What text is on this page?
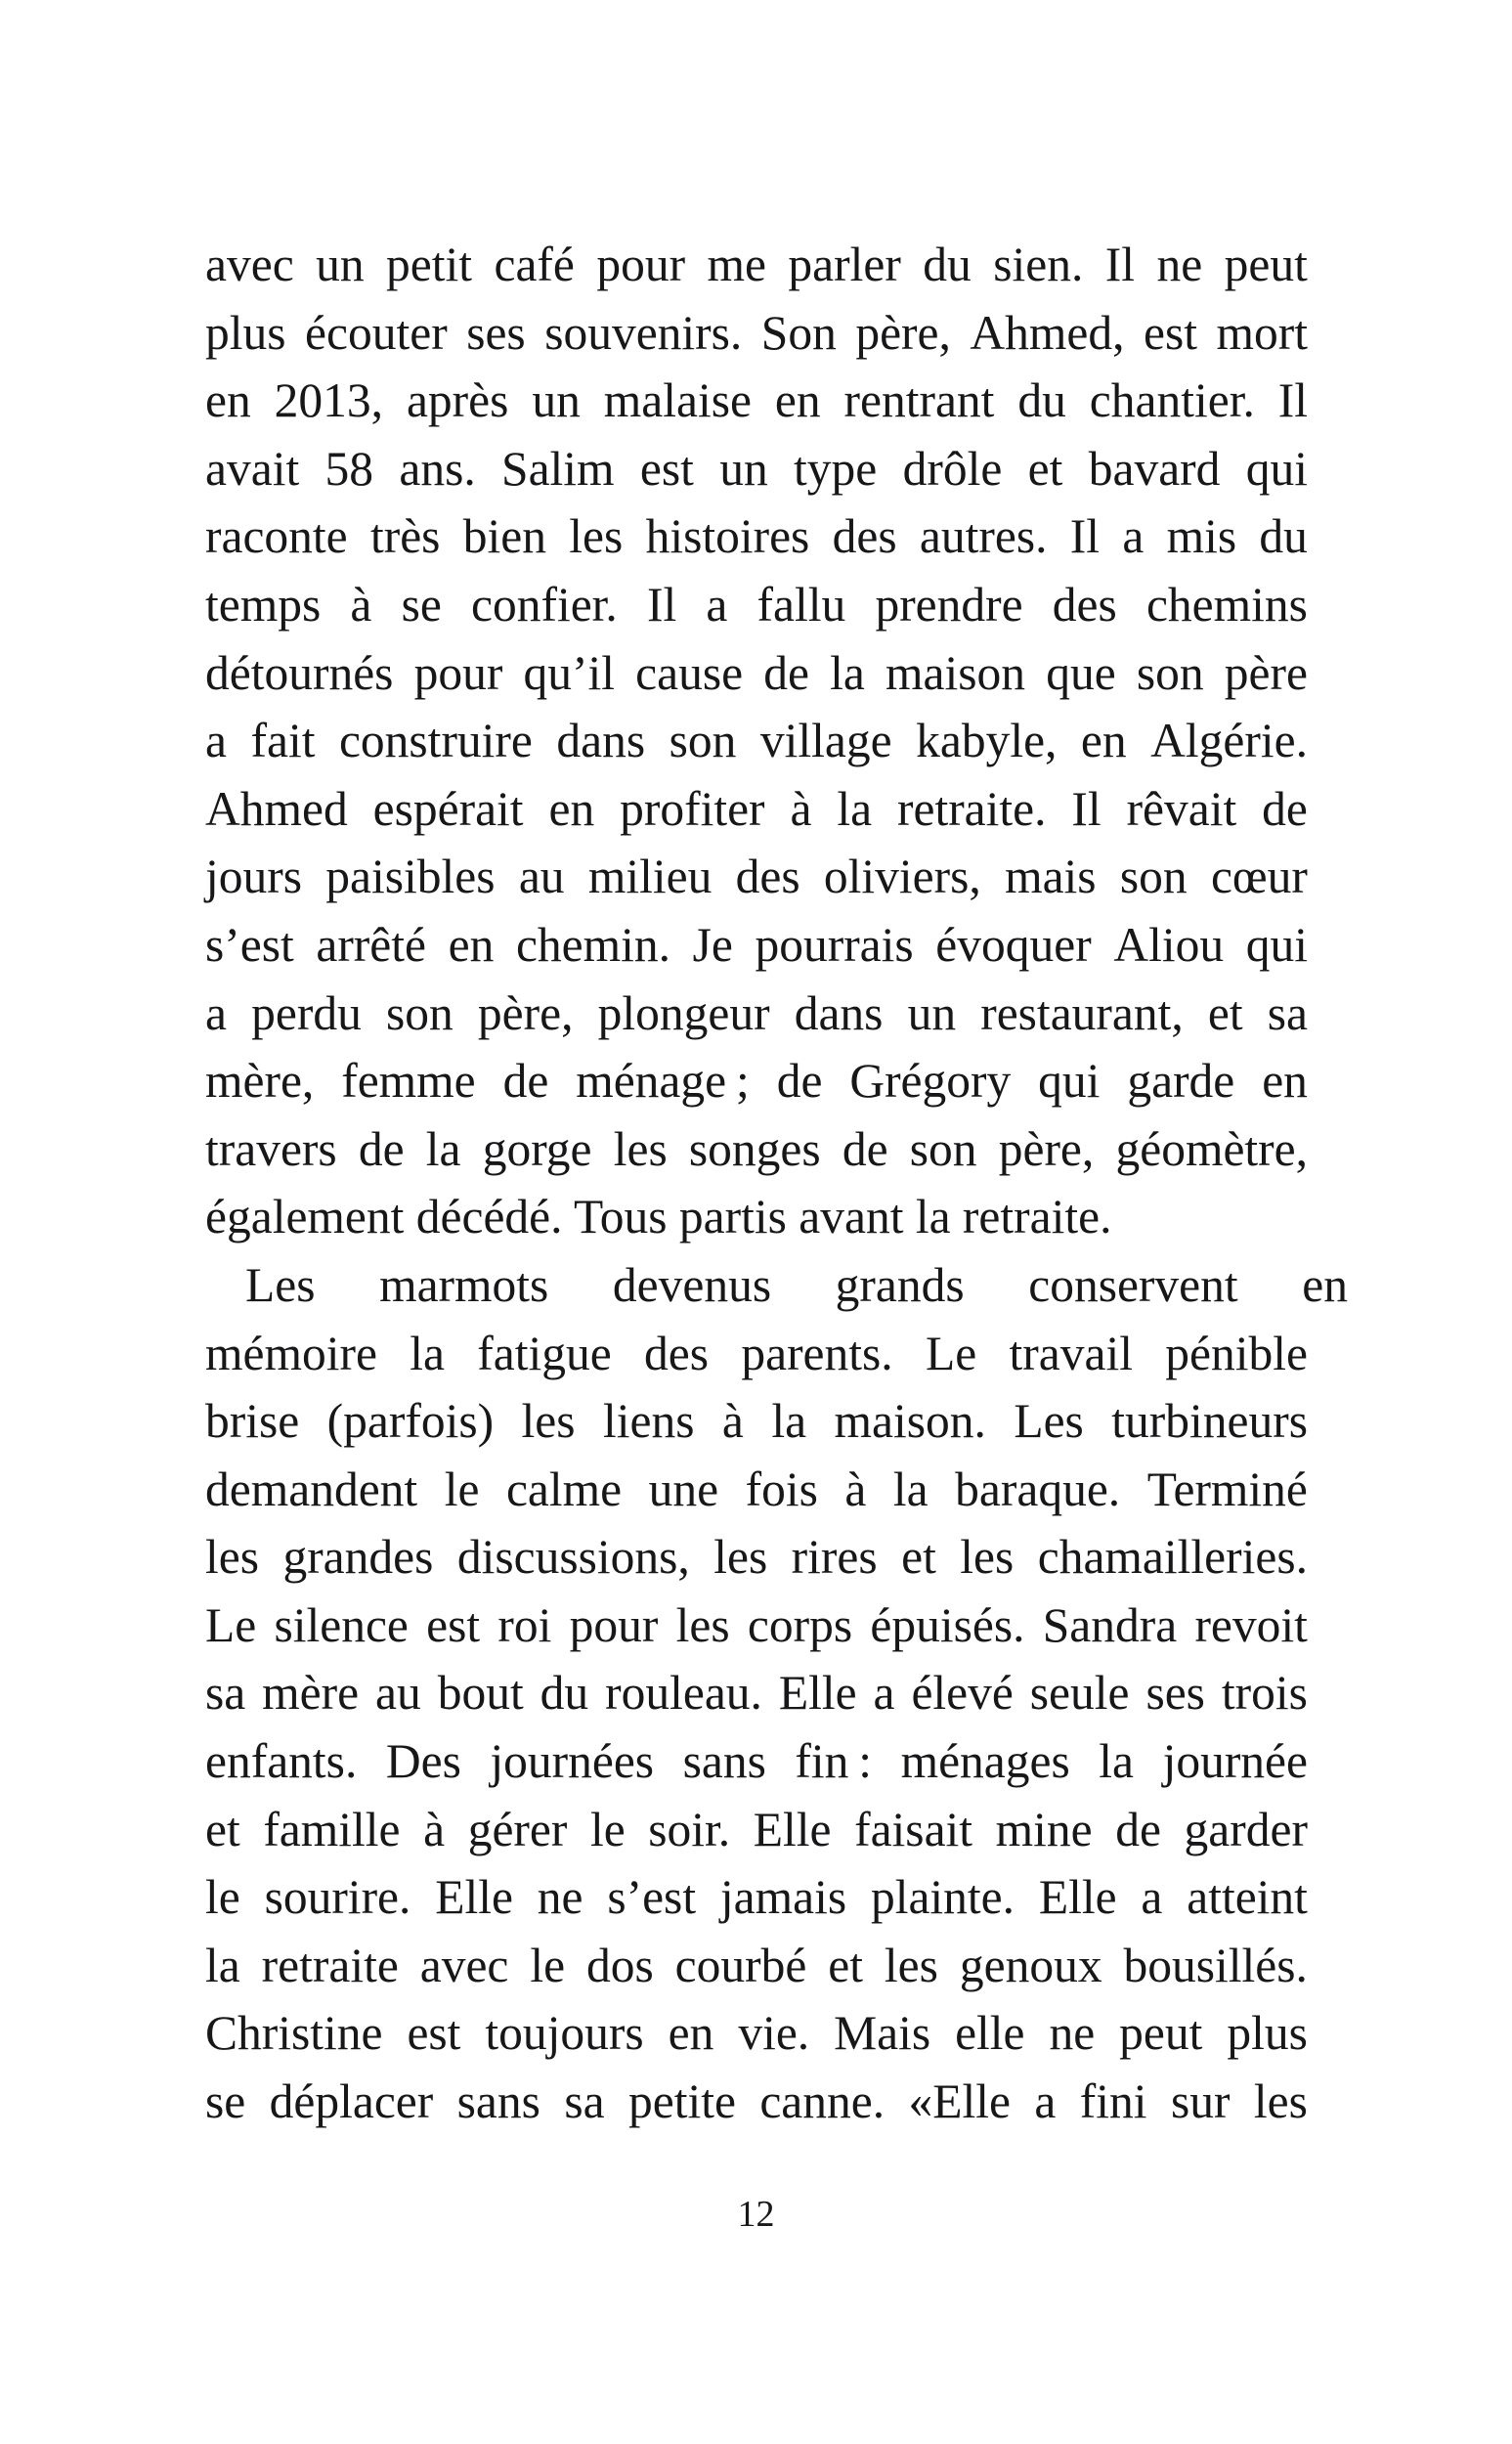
avec un petit café pour me parler du sien. Il ne peut
plus écouter ses souvenirs. Son père, Ahmed, est mort
en 2013, après un malaise en rentrant du chantier. Il
avait 58 ans. Salim est un type drôle et bavard qui
raconte très bien les histoires des autres. Il a mis du
temps à se confier. Il a fallu prendre des chemins
détournés pour qu’il cause de la maison que son père
a fait construire dans son village kabyle, en Algérie.
Ahmed espérait en profiter à la retraite. Il rêvait de
jours paisibles au milieu des oliviers, mais son cœur
s’est arrêté en chemin. Je pourrais évoquer Aliou qui
a perdu son père, plongeur dans un restaurant, et sa
mère, femme de ménage ; de Grégory qui garde en
travers de la gorge les songes de son père, géomètre,
également décédé. Tous partis avant la retraite.
Les marmots devenus grands conservent en
mémoire la fatigue des parents. Le travail pénible
brise (parfois) les liens à la maison. Les turbineurs
demandent le calme une fois à la baraque. Terminé
les grandes discussions, les rires et les chamailleries.
Le silence est roi pour les corps épuisés. Sandra revoit
sa mère au bout du rouleau. Elle a élevé seule ses trois
enfants. Des journées sans fin : ménages la journée
et famille à gérer le soir. Elle faisait mine de garder
le sourire. Elle ne s’est jamais plainte. Elle a atteint
la retraite avec le dos courbé et les genoux bousillés.
Christine est toujours en vie. Mais elle ne peut plus
se déplacer sans sa petite canne. «Elle a fini sur les
12
